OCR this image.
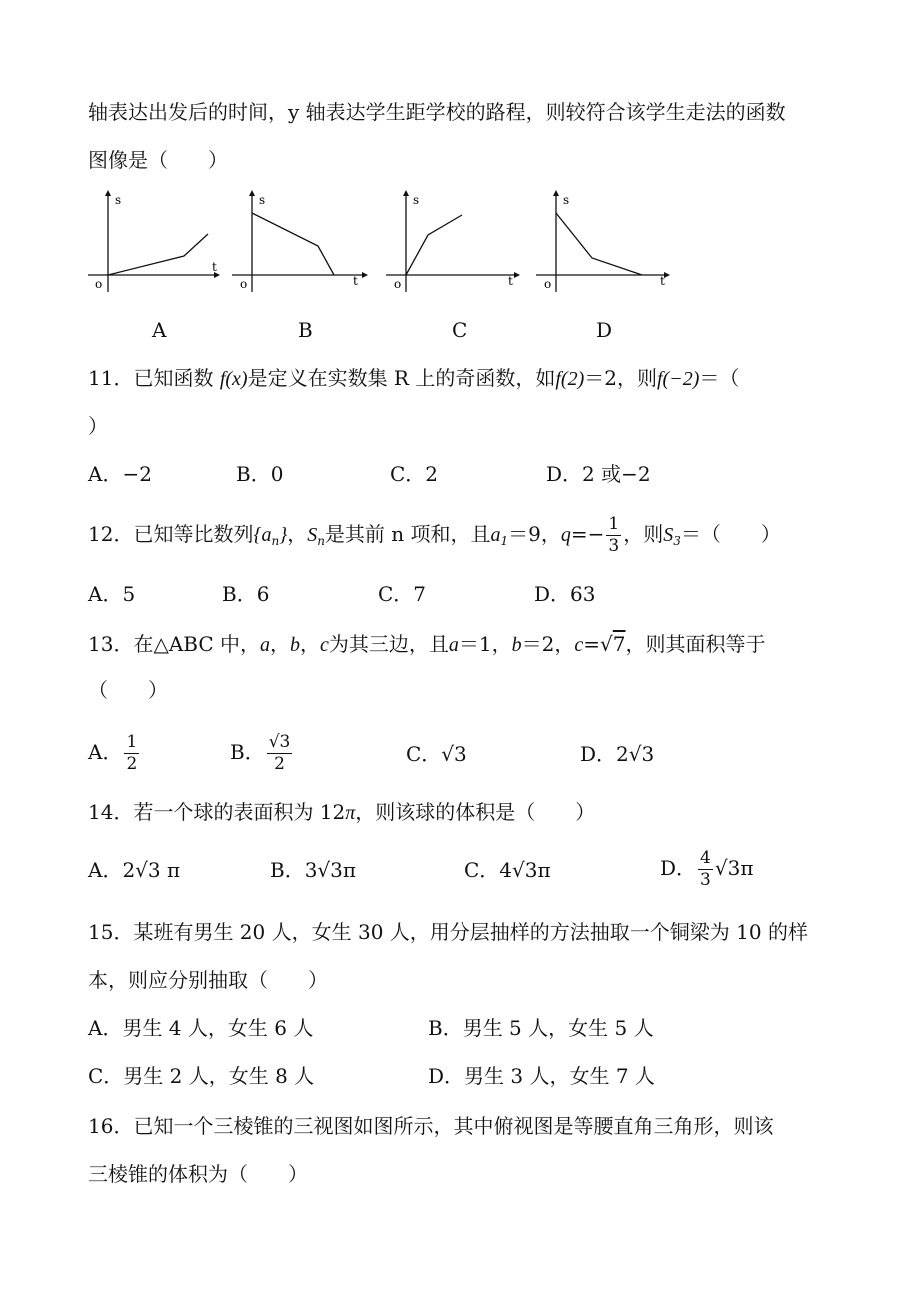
轴表达出发后的时间，y 轴表达学生距学校的路程，则较符合该学生走法的函数
图像是（　　）
s
t
o
s
t
o
s
t
o
s
t
o
A	B	C	D
11．已知函数 f(x)是定义在实数集 R 上的奇函数，如f(2)＝2，则f(−2)＝（
）
A．−2	B．0	C．2	D．2 或−2
12．已知等比数列$\{a_n\}$，$S_n$是其前 n 项和，且$a_1=9$，$q=- \frac{1}{3}$ ，则$S_3=$（　　）
A．5	B．6	C．7	D．63
13．在△ABC 中，a，b，c为其三边，且a＝1，b＝2，c=√7，则其面积等于
（　　）
A． $\frac{1}{2}$	B． $\frac{√3}{2}$	C．√3	D．2√3
14．若一个球的表面积为 12π，则该球的体积是（　　）
A．2√3 π	B．3√3π	C．4√3π	D． $\frac{4}{3} √3\pi$
15．某班有男生 20 人，女生 30 人，用分层抽样的方法抽取一个铜梁为 10 的样
本，则应分别抽取（　　）
A．男生 4 人，女生 6 人	B．男生 5 人，女生 5 人
C．男生 2 人，女生 8 人	D．男生 3 人，女生 7 人
16．已知一个三棱锥的三视图如图所示，其中俯视图是等腰直角三角形，则该
三棱锥的体积为（　　）
